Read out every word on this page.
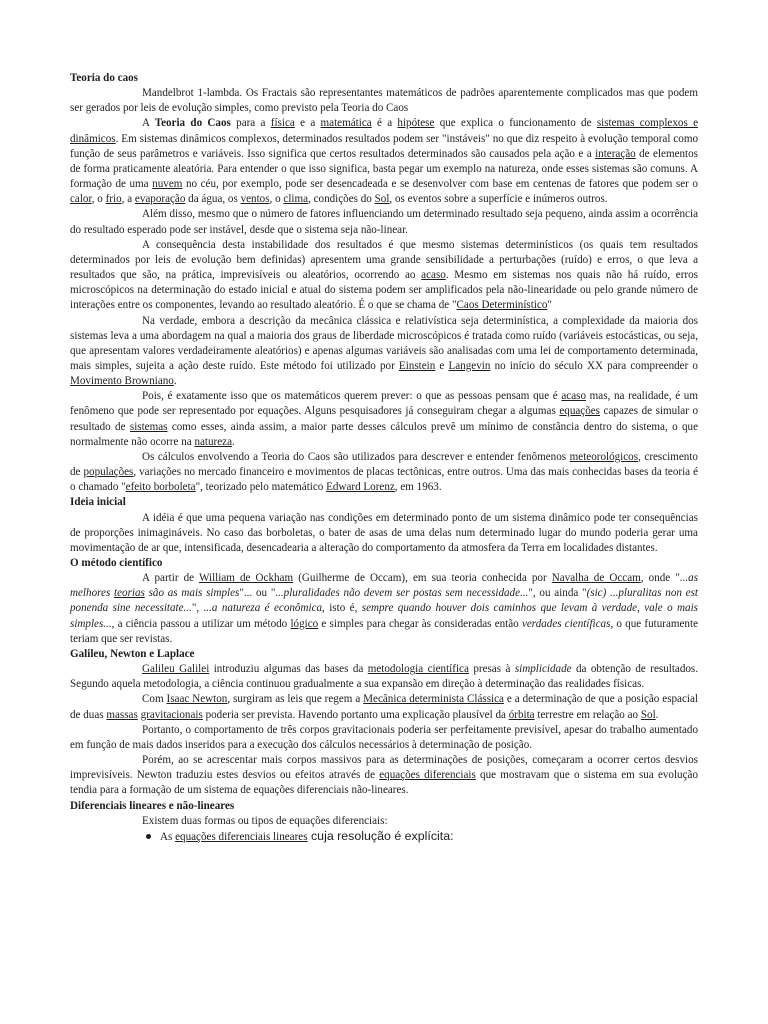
Teoria do caos

Mandelbrot 1-lambda. Os Fractais são representantes matemáticos de padrões aparentemente complicados mas que podem ser gerados por leis de evolução simples, como previsto pela Teoria do Caos

A Teoria do Caos para a física e a matemática é a hipótese que explica o funcionamento de sistemas complexos e dinâmicos. Em sistemas dinâmicos complexos, determinados resultados podem ser "instáveis" no que diz respeito à evolução temporal como função de seus parâmetros e variáveis. Isso significa que certos resultados determinados são causados pela ação e a interação de elementos de forma praticamente aleatória. Para entender o que isso significa, basta pegar um exemplo na natureza, onde esses sistemas são comuns. A formação de uma nuvem no céu, por exemplo, pode ser desencadeada e se desenvolver com base em centenas de fatores que podem ser o calor, o frio, a evaporação da água, os ventos, o clima, condições do Sol, os eventos sobre a superfície e inúmeros outros.

Além disso, mesmo que o número de fatores influenciando um determinado resultado seja pequeno, ainda assim a ocorrência do resultado esperado pode ser instável, desde que o sistema seja não-linear.

A consequência desta instabilidade dos resultados é que mesmo sistemas determinísticos (os quais tem resultados determinados por leis de evolução bem definidas) apresentem uma grande sensibilidade a perturbações (ruído) e erros, o que leva a resultados que são, na prática, imprevisíveis ou aleatórios, ocorrendo ao acaso. Mesmo em sistemas nos quais não há ruído, erros microscópicos na determinação do estado inicial e atual do sistema podem ser amplificados pela não-linearidade ou pelo grande número de interações entre os componentes, levando ao resultado aleatório. É o que se chama de "Caos Determinístico"

Na verdade, embora a descrição da mecânica clássica e relativística seja determinística, a complexidade da maioria dos sistemas leva a uma abordagem na qual a maioria dos graus de liberdade microscópicos é tratada como ruído (variáveis estocásticas, ou seja, que apresentam valores verdadeiramente aleatórios) e apenas algumas variáveis são analisadas com uma lei de comportamento determinada, mais simples, sujeita a ação deste ruído. Este método foi utilizado por Einstein e Langevin no início do século XX para compreender o Movimento Browniano.

Pois, é exatamente isso que os matemáticos querem prever: o que as pessoas pensam que é acaso mas, na realidade, é um fenômeno que pode ser representado por equações. Alguns pesquisadores já conseguiram chegar a algumas equações capazes de simular o resultado de sistemas como esses, ainda assim, a maior parte desses cálculos prevê um mínimo de constância dentro do sistema, o que normalmente não ocorre na natureza.

Os cálculos envolvendo a Teoria do Caos são utilizados para descrever e entender fenômenos meteorológicos, crescimento de populações, variações no mercado financeiro e movimentos de placas tectônicas, entre outros. Uma das mais conhecidas bases da teoria é o chamado "efeito borboleta", teorizado pelo matemático Edward Lorenz, em 1963.

Ideia inicial

A idéia é que uma pequena variação nas condições em determinado ponto de um sistema dinâmico pode ter consequências de proporções inimagináveis. No caso das borboletas, o bater de asas de uma delas num determinado lugar do mundo poderia gerar uma movimentação de ar que, intensificada, desencadearia a alteração do comportamento da atmosfera da Terra em localidades distantes.

O método científico

A partir de William de Ockham (Guilherme de Occam), em sua teoria conhecida por Navalha de Occam, onde "...as melhores teorias são as mais simples"... ou "...pluralidades não devem ser postas sem necessidade...", ou ainda "(sic) ...pluralitas non est ponenda sine necessitate...", ...a natureza é econômica, isto é, sempre quando houver dois caminhos que levam à verdade, vale o mais simples..., a ciência passou a utilizar um método lógico e simples para chegar às consideradas então verdades científicas, o que futuramente teriam que ser revistas.

Galileu, Newton e Laplace

Galileu Galilei introduziu algumas das bases da metodologia científica presas à simplicidade da obtenção de resultados. Segundo aquela metodologia, a ciência continuou gradualmente a sua expansão em direção à determinação das realidades físicas.

Com Isaac Newton, surgiram as leis que regem a Mecânica determinista Clássica e a determinação de que a posição espacial de duas massas gravitacionais poderia ser prevista. Havendo portanto uma explicação plausível da órbita terrestre em relação ao Sol.

Portanto, o comportamento de três corpos gravitacionais poderia ser perfeitamente previsível, apesar do trabalho aumentado em função de mais dados inseridos para a execução dos cálculos necessários à determinação de posição.

Porém, ao se acrescentar mais corpos massivos para as determinações de posições, começaram a ocorrer certos desvios imprevisíveis. Newton traduziu estes desvios ou efeitos através de equações diferenciais que mostravam que o sistema em sua evolução tendia para a formação de um sistema de equações diferenciais não-lineares.

Diferenciais lineares e não-lineares

Existem duas formas ou tipos de equações diferenciais:

As equações diferenciais lineares cuja resolução é explícita:
